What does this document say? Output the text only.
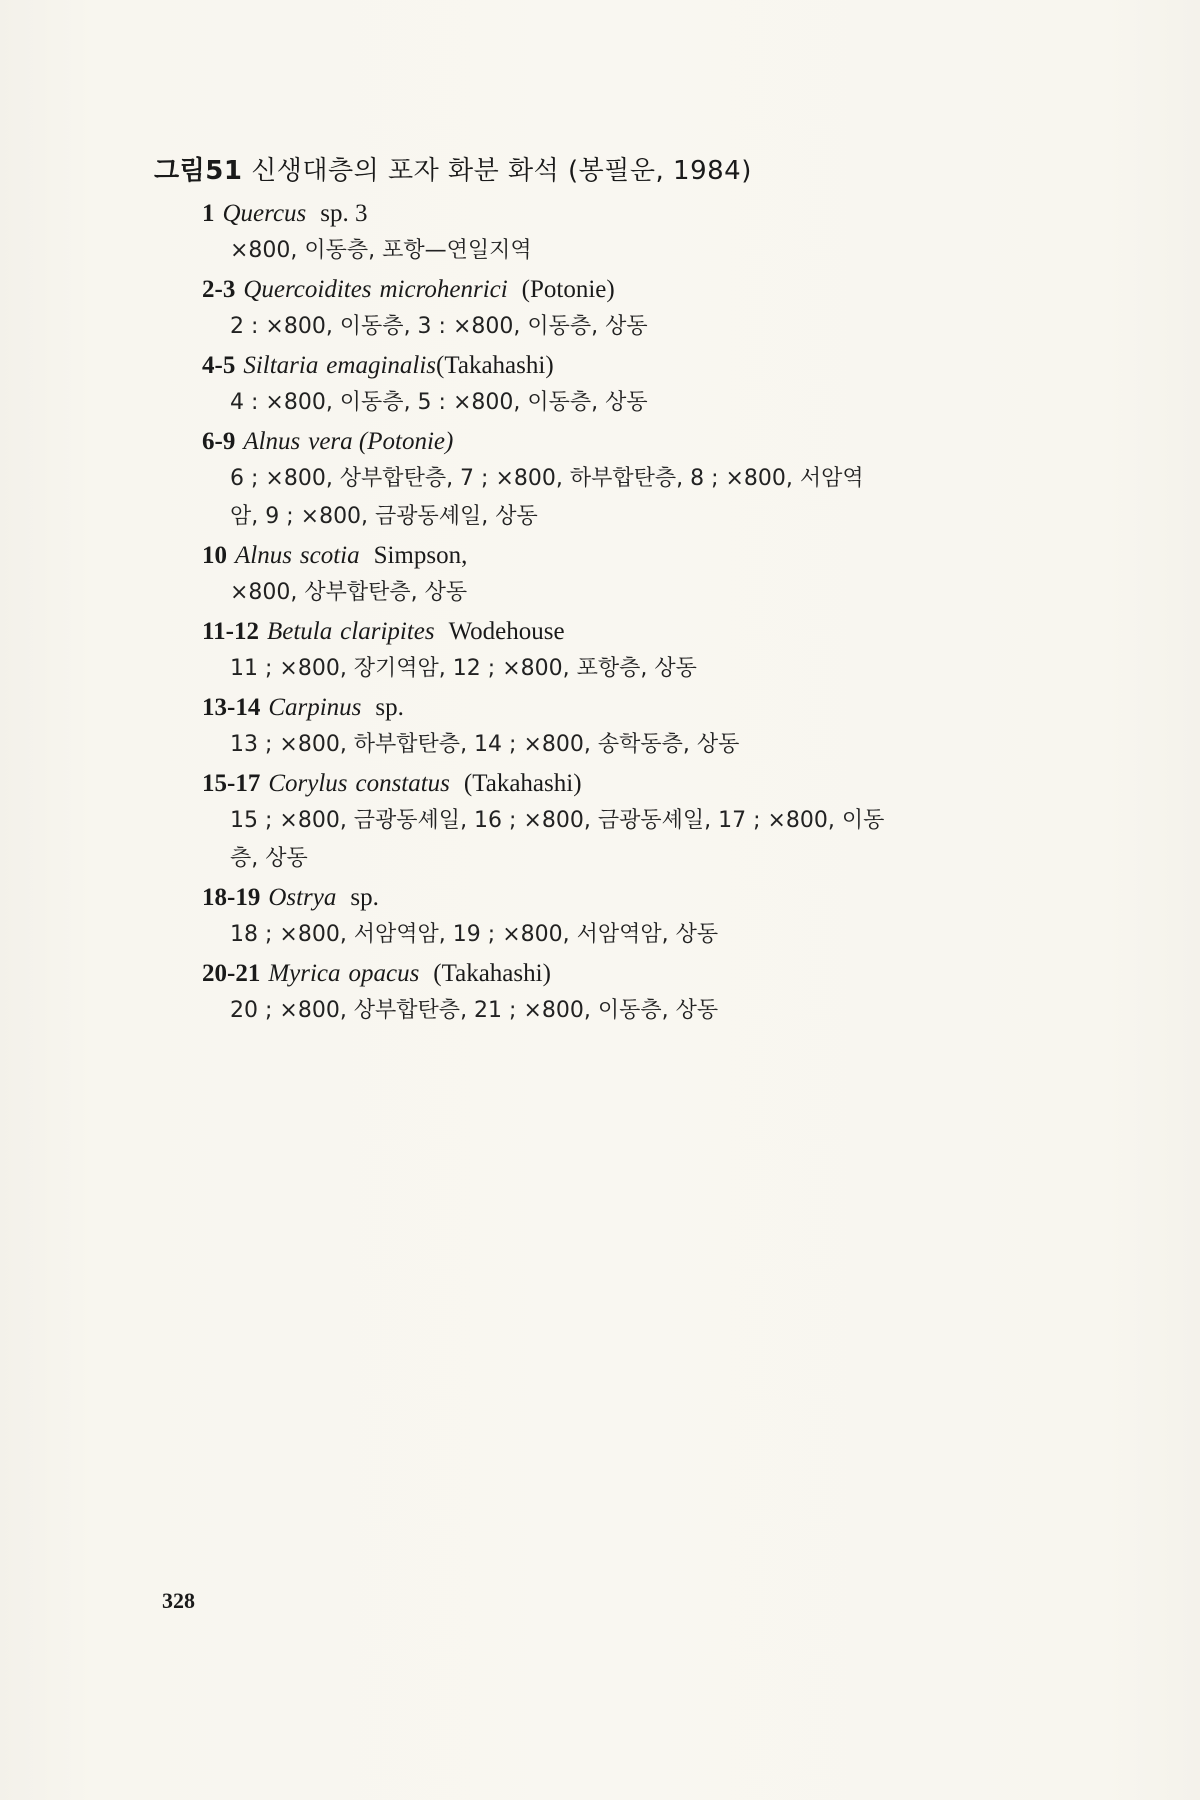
그림51 신생대층의 포자 화분 화석 (봉필운, 1984)
1 Quercus sp. 3
×800, 이동층, 포항—연일지역
2-3 Quercoidites microhenrici (Potonie)
2 : ×800, 이동층, 3 : ×800, 이동층, 상동
4-5 Siltaria emaginalis(Takahashi)
4 : ×800, 이동층, 5 : ×800, 이동층, 상동
6-9 Alnus vera (Potonie)
6 ; ×800, 상부합탄층, 7 ; ×800, 하부합탄층, 8 ; ×800, 서암역
암, 9 ; ×800, 금광동셰일, 상동
10 Alnus scotia Simpson,
×800, 상부합탄층, 상동
11-12 Betula claripites Wodehouse
11 ; ×800, 장기역암, 12 ; ×800, 포항층, 상동
13-14 Carpinus sp.
13 ; ×800, 하부합탄층, 14 ; ×800, 송학동층, 상동
15-17 Corylus constatus (Takahashi)
15 ; ×800, 금광동셰일, 16 ; ×800, 금광동셰일, 17 ; ×800, 이동
층, 상동
18-19 Ostrya sp.
18 ; ×800, 서암역암, 19 ; ×800, 서암역암, 상동
20-21 Myrica opacus (Takahashi)
20 ; ×800, 상부합탄층, 21 ; ×800, 이동층, 상동
328
